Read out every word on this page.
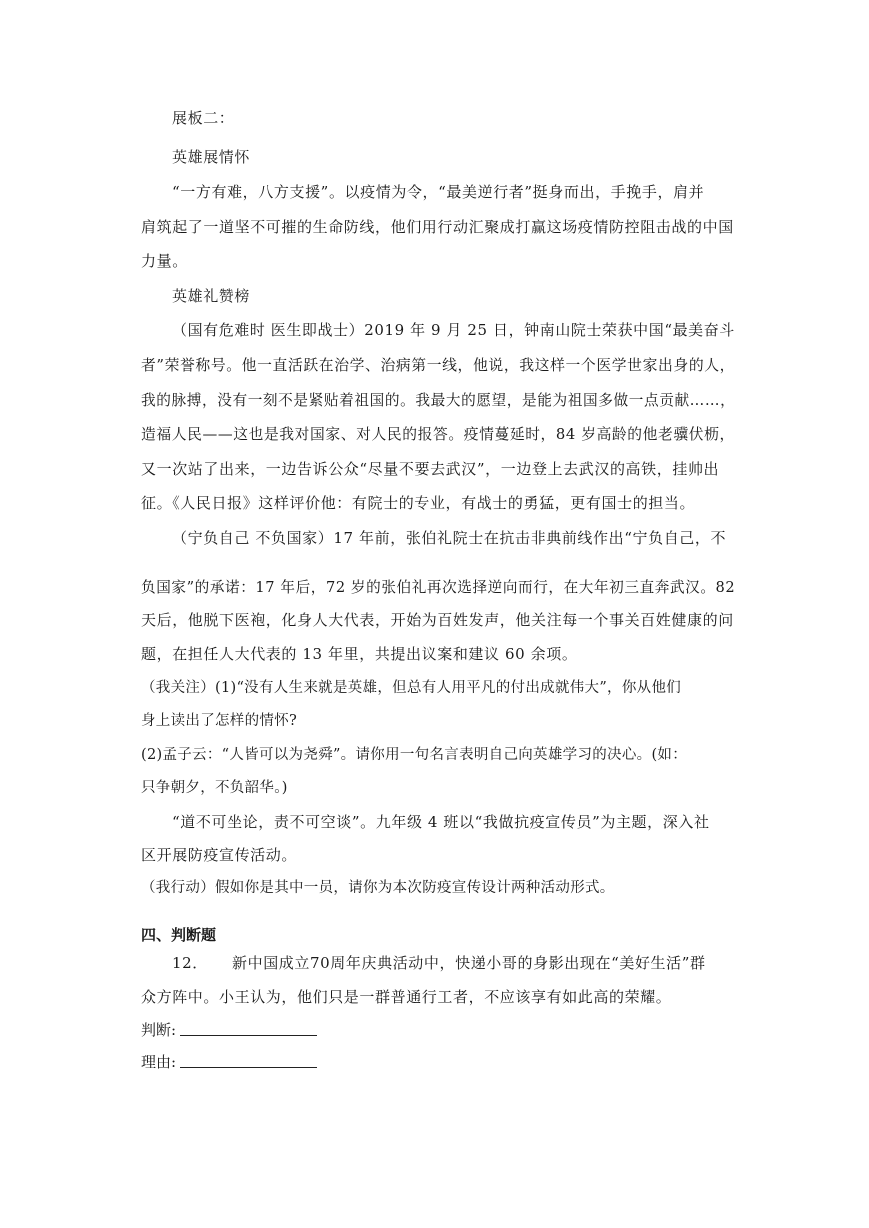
展板二：
英雄展情怀
“一方有难，八方支援”。以疫情为令，“最美逆行者”挺身而出，手挽手，肩并
肩筑起了一道坚不可摧的生命防线，他们用行动汇聚成打赢这场疫情防控阻击战的中国
力量。
英雄礼赞榜
（国有危难时 医生即战士）2019 年 9 月 25 日，钟南山院士荣获中国“最美奋斗
者”荣誉称号。他一直活跃在治学、治病第一线，他说，我这样一个医学世家出身的人，
我的脉搏，没有一刻不是紧贴着祖国的。我最大的愿望，是能为祖国多做一点贡献……，
造福人民——这也是我对国家、对人民的报答。疫情蔓延时，84 岁高龄的他老骥伏枥，
又一次站了出来，一边告诉公众“尽量不要去武汉”，一边登上去武汉的高铁，挂帅出
征。《人民日报》这样评价他：有院士的专业，有战士的勇猛，更有国士的担当。
（宁负自己 不负国家）17 年前，张伯礼院士在抗击非典前线作出“宁负自己，不
负国家”的承诺：17 年后，72 岁的张伯礼再次选择逆向而行，在大年初三直奔武汉。82
天后，他脱下医袍，化身人大代表，开始为百姓发声，他关注每一个事关百姓健康的问
题，在担任人大代表的 13 年里，共提出议案和建议 60 余项。
（我关注）(1)“没有人生来就是英雄，但总有人用平凡的付出成就伟大”，你从他们
身上读出了怎样的情怀?
(2)孟子云：“人皆可以为尧舜”。请你用一句名言表明自己向英雄学习的决心。(如：
只争朝夕，不负韶华。)
“道不可坐论，责不可空谈”。九年级 4 班以“我做抗疫宣传员”为主题，深入社
区开展防疫宣传活动。
（我行动）假如你是其中一员，请你为本次防疫宣传设计两种活动形式。
四、判断题
12． 新中国成立70周年庆典活动中，快递小哥的身影出现在“美好生活”群
众方阵中。小王认为，他们只是一群普通行工者，不应该享有如此高的荣耀。
判断:
理由:
